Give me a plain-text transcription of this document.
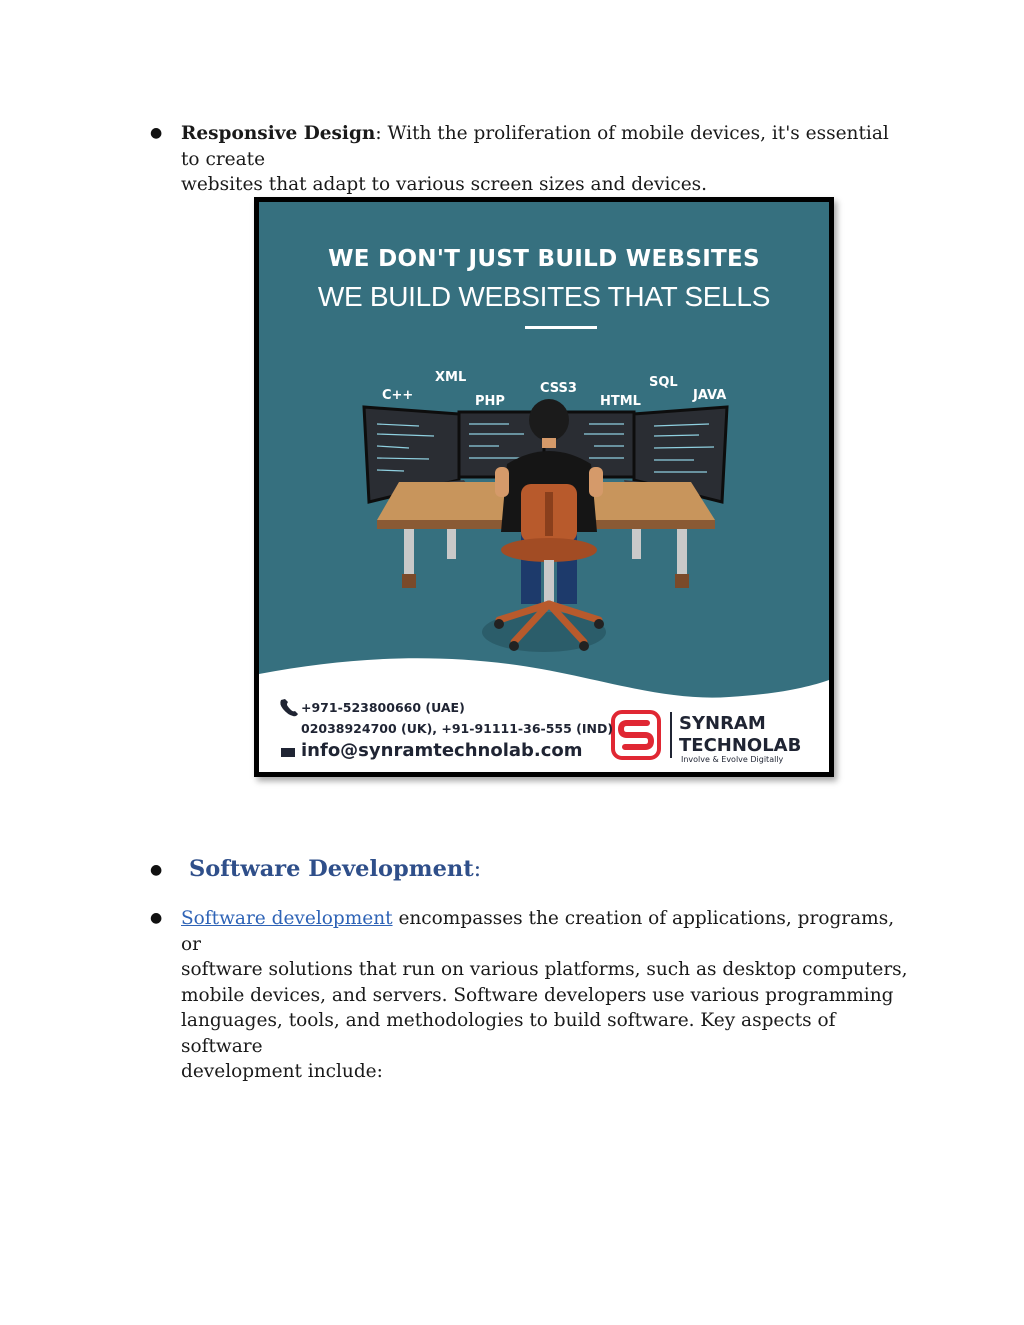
● Responsive Design: With the proliferation of mobile devices, it's essential to create
websites that adapt to various screen sizes and devices.
WE DON'T JUST BUILD WEBSITES
WE BUILD WEBSITES THAT SELLS
C++
XML
PHP
CSS3
HTML
SQL
JAVA
+971-523800660 (UAE)
02038924700 (UK), +91-91111-36-555 (IND)
info@synramtechnolab.com
SYNRAM
TECHNOLAB
Involve & Evolve Digitally
● Software Development:
● Software development encompasses the creation of applications, programs, or
software solutions that run on various platforms, such as desktop computers,
mobile devices, and servers. Software developers use various programming
languages, tools, and methodologies to build software. Key aspects of software
development include:
